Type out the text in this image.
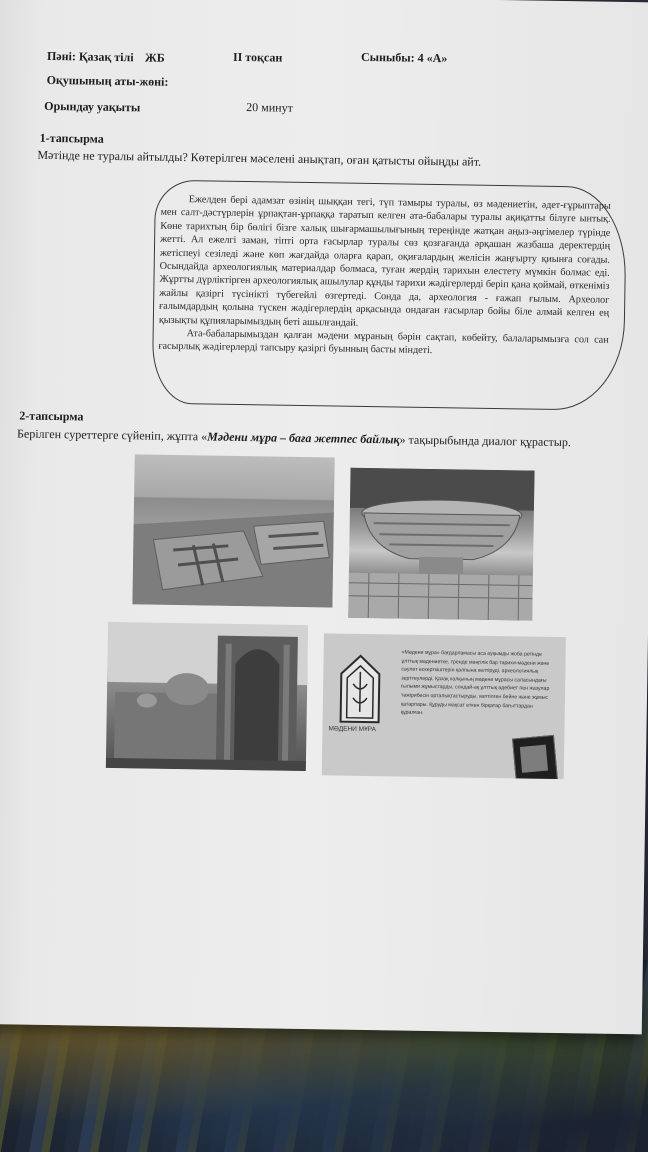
Пәні: Қазақ тілі ЖБ	II тоқсан	Сыныбы: 4 «А»
Оқушының аты-жөні:
Орындау уақыты	20 минут
1-тапсырма
Мәтінде не туралы айтылды? Көтерілген мәселені анықтап, оған қатысты ойыңды айт.

Ежелден бері адамзат өзінің шыққан тегі, түп тамыры туралы, өз мәдениетін, әдет-ғұрыптары мен салт-дәстүрлерін ұрпақтан-ұрпаққа таратып келген ата-бабалары туралы ақиқатты білуге ынтық. Көне тарихтың бір бөлігі бізге халық шығармашылығының тереңінде жатқан аңыз-әңгімелер түрінде жетті. Ал ежелгі заман, тіпті орта ғасырлар туралы сөз қозғағанда әрқашан жазбаша деректердің жетіспеуі сезіледі және көп жағдайда оларға қарап, оқиғалардың желісін жаңғырту қиынға соғады. Осындайда археологиялық материалдар болмаса, туған жердің тарихын елестету мүмкін болмас еді. Жұртты дүрліктірген археологиялық ашылулар құнды тарихи жәдігерлерді беріп қана қоймай, өткеніміз жайлы қазіргі түсінікті түбегейлі өзгертеді. Сонда да, археология - ғажап ғылым. Археолог ғалымдардың қолына түскен жәдігерлердің арқасында ондаған ғасырлар бойы біле алмай келген ең қызықты құпияларымыздың беті ашылғандай.

Ата-бабаларымыздан қалған мәдени мұраның бәрін сақтап, көбейту, балаларымызға сол сан ғасырлық жәдігерлерді тапсыру қазіргі буынның басты міндеті.

2-тапсырма
Берілген суреттерге сүйеніп, жұпта «Мәдени мұра – баға жетпес байлық» тақырыбында диалог құрастыр.
МӘДЕНИ МҰРА
«Мәдени мұра» бағдарламасы аса ауқымды жоба ретінде ұлттық мәдениетке, тренде мәңгілік бар тарихи-мәдени және сәулет ескерткіштерін қалпына келтіруді, археологиялық зерттеулерді, Қазақ халқының мәдени мұрасы саласындағы ғылыми жұмыстарды, сондай-ақ ұлттық әдебиет пен жазулар тәжірибесін орталықтастыруды, көптілген бейне және жұмыс қатарлары. Құруды мақсат еткен бірқатар бағыттардан құралған.
